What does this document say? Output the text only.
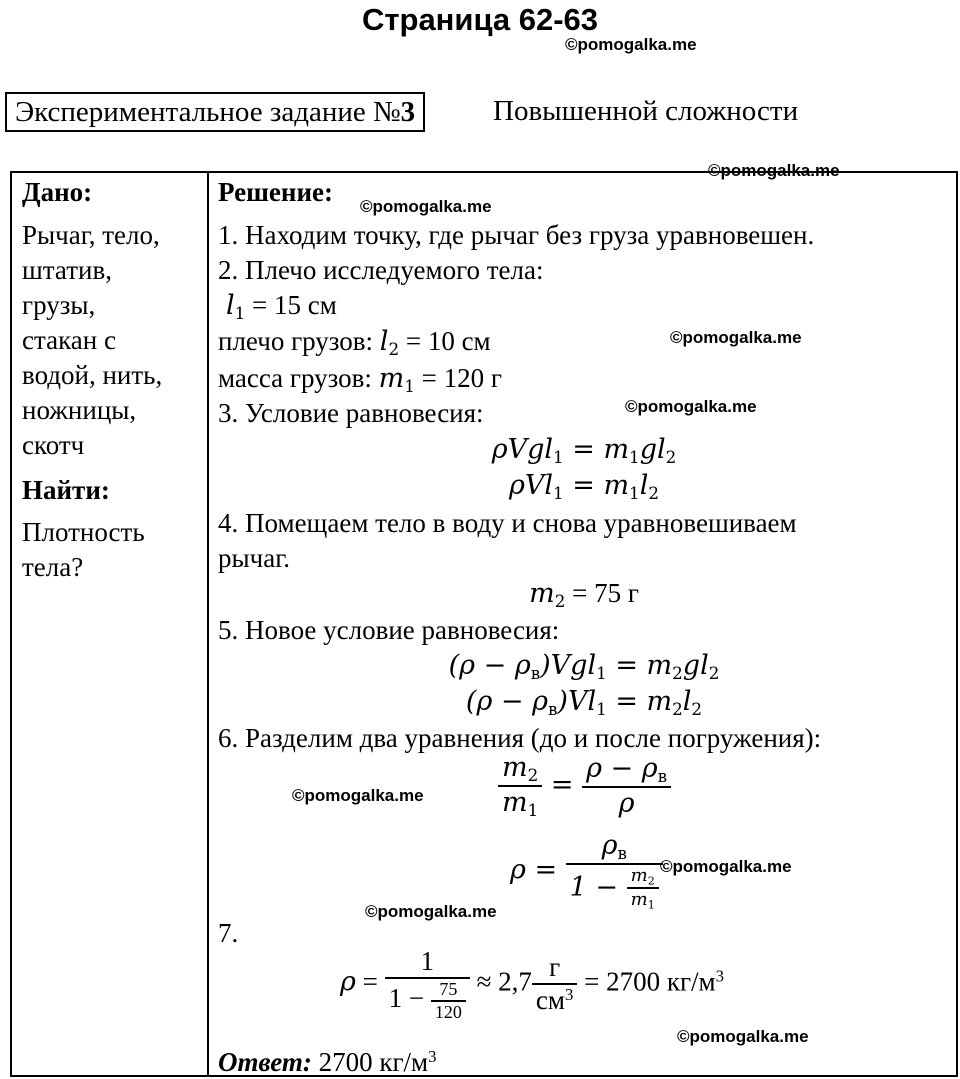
Страница 62-63
©pomogalka.me
Экспериментальное задание №3	Повышенной сложности
Дано:
Рычаг, тело,
штатив,
грузы,
стакан с
водой, нить,
ножницы,
скотч
Найти:
Плотность
тела?
Решение: ©pomogalka.me
©pomogalka.me
1. Находим точку, где рычаг без груза уравновешен.
2. Плечо исследуемого тела:
$l_1 = 15$ см
плечо грузов: $l_2 = 10$ см	©pomogalka.me
масса грузов: $m_1 = 120$ г
3. Условие равновесия:	©pomogalka.me
$\rho Vgl_1 = m_1gl_2$
$\rho Vl_1 = m_1l_2$
4. Помещаем тело в воду и снова уравновешиваем
рычаг.
$m_2 = 75$ г
5. Новое условие равновесия:
$(\rho - \rho_в)Vgl_1 = m_2gl_2$
$(\rho - \rho_в)Vl_1 = m_2l_2$
6. Разделим два уравнения (до и после погружения):
$\frac{m_2}{m_1} = \frac{\rho - \rho_в}{\rho}$
©pomogalka.me
$\rho = \frac{\rho_в}{1 - \frac{m_2}{m_1}}$
©pomogalka.me
©pomogalka.me
7.
$\rho = \frac{1}{1 - \frac{75}{120}} \approx 2,7 \frac{г}{см^3} = 2700$ $кг/м^3$
©pomogalka.me
Ответ: 2700 $кг/м^3$
